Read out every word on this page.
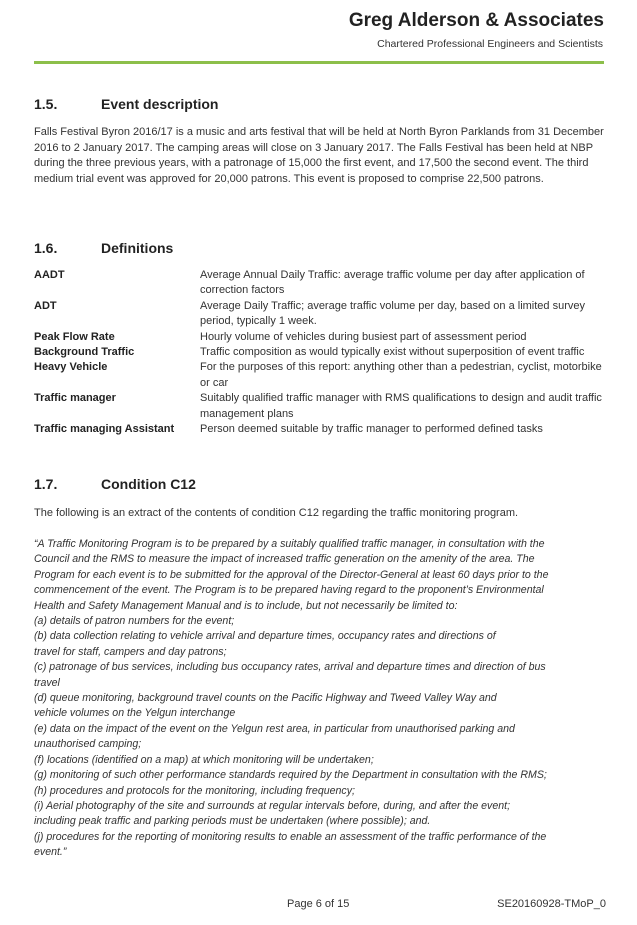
Greg Alderson & Associates
Chartered Professional Engineers and Scientists
1.5.	Event description
Falls Festival Byron 2016/17 is a music and arts festival that will be held at North Byron Parklands from 31 December 2016 to 2 January 2017. The camping areas will close on 3 January 2017. The Falls Festival has been held at NBP during the three previous years, with a patronage of 15,000 the first event, and 17,500 the second event. The third medium trial event was approved for 20,000 patrons. This event is proposed to comprise 22,500 patrons.
1.6.	Definitions
AADT	Average Annual Daily Traffic: average traffic volume per day after application of correction factors
ADT	Average Daily Traffic; average traffic volume per day, based on a limited survey period, typically 1 week.
Peak Flow Rate	Hourly volume of vehicles during busiest part of assessment period
Background Traffic	Traffic composition as would typically exist without superposition of event traffic
Heavy Vehicle	For the purposes of this report: anything other than a pedestrian, cyclist, motorbike or car
Traffic manager	Suitably qualified traffic manager with RMS qualifications to design and audit traffic management plans
Traffic managing Assistant	Person deemed suitable by traffic manager to performed defined tasks
1.7.	Condition C12
The following is an extract of the contents of condition C12 regarding the traffic monitoring program.
“A Traffic Monitoring Program is to be prepared by a suitably qualified traffic manager, in consultation with the
Council and the RMS to measure the impact of increased traffic generation on the amenity of the area. The
Program for each event is to be submitted for the approval of the Director-General at least 60 days prior to the
commencement of the event. The Program is to be prepared having regard to the proponent’s Environmental
Health and Safety Management Manual and is to include, but not necessarily be limited to:
(a) details of patron numbers for the event;
(b) data collection relating to vehicle arrival and departure times, occupancy rates and directions of
travel for staff, campers and day patrons;
(c) patronage of bus services, including bus occupancy rates, arrival and departure times and direction of bus
travel
(d) queue monitoring, background travel counts on the Pacific Highway and Tweed Valley Way and
vehicle volumes on the Yelgun interchange
(e) data on the impact of the event on the Yelgun rest area, in particular from unauthorised parking and
unauthorised camping;
(f) locations (identified on a map) at which monitoring will be undertaken;
(g) monitoring of such other performance standards required by the Department in consultation with the RMS;
(h) procedures and protocols for the monitoring, including frequency;
(i) Aerial photography of the site and surrounds at regular intervals before, during, and after the event;
including peak traffic and parking periods must be undertaken (where possible); and.
(j) procedures for the reporting of monitoring results to enable an assessment of the traffic performance of the
event.”
Page 6 of 15	SE20160928-TMoP_0
